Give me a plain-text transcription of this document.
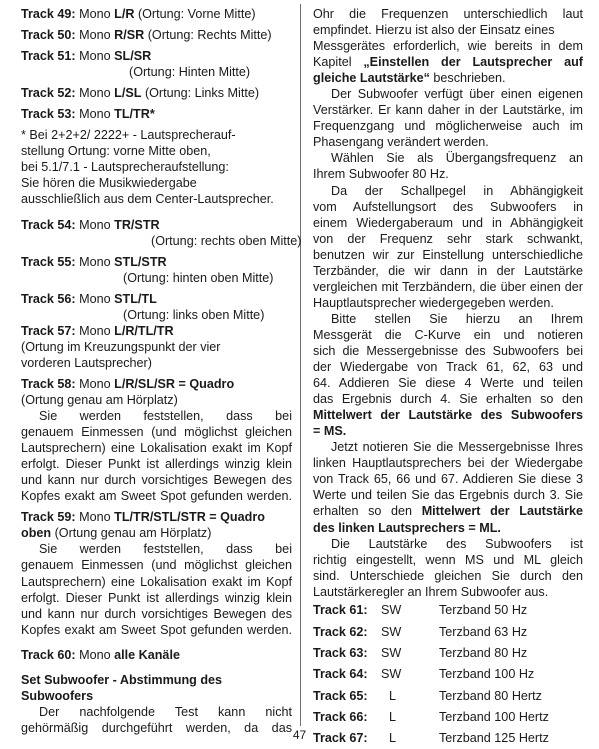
Track 49: Mono L/R (Ortung: Vorne Mitte)
Track 50: Mono R/SR (Ortung: Rechts Mitte)
Track 51: Mono SL/SR
(Ortung: Hinten Mitte)
Track 52: Mono L/SL (Ortung: Links Mitte)
Track 53: Mono TL/TR*
* Bei 2+2+2/ 2222+ - Lautsprecherauf-
stellung Ortung: vorne Mitte oben,
bei 5.1/7.1 - Lautsprecheraufstellung:
Sie hören die Musikwiedergabe
ausschließlich aus dem Center-Lautsprecher.
Track 54: Mono TR/STR
(Ortung: rechts oben Mitte)
Track 55: Mono STL/STR
(Ortung: hinten oben Mitte)
Track 56: Mono STL/TL
(Ortung: links oben Mitte)
Track 57: Mono L/R/TL/TR
(Ortung im Kreuzungspunkt der vier
vorderen Lautsprecher)
Track 58: Mono L/R/SL/SR = Quadro
(Ortung genau am Hörplatz)
Sie werden feststellen, dass bei
genauem Einmessen (und möglichst gleichen
Lautsprechern) eine Lokalisation exakt im Kopf
erfolgt. Dieser Punkt ist allerdings winzig klein
und kann nur durch vorsichtiges Bewegen des
Kopfes exakt am Sweet Spot gefunden werden.
Track 59: Mono TL/TR/STL/STR = Quadro
oben (Ortung genau am Hörplatz)
Sie werden feststellen, dass bei
genauem Einmessen (und möglichst gleichen
Lautsprechern) eine Lokalisation exakt im Kopf
erfolgt. Dieser Punkt ist allerdings winzig klein
und kann nur durch vorsichtiges Bewegen des
Kopfes exakt am Sweet Spot gefunden werden.
Track 60: Mono alle Kanäle
Set Subwoofer - Abstimmung des
Subwoofers
Der nachfolgende Test kann nicht
gehörmäßig durchgeführt werden, da das
Ohr die Frequenzen unterschiedlich laut
empfindet. Hierzu ist also der Einsatz eines
Messgerätes erforderlich, wie bereits in dem
Kapitel „Einstellen der Lautsprecher auf
gleiche Lautstärke“ beschrieben.
Der Subwoofer verfügt über einen eigenen
Verstärker. Er kann daher in der Lautstärke, im
Frequenzgang und möglicherweise auch im
Phasengang verändert werden.
Wählen Sie als Übergangsfrequenz an
Ihrem Subwoofer 80 Hz.
Da der Schallpegel in Abhängigkeit
vom Aufstellungsort des Subwoofers in
einem Wiedergaberaum und in Abhängigkeit
von der Frequenz sehr stark schwankt,
benutzen wir zur Einstellung unterschiedliche
Terzbänder, die wir dann in der Lautstärke
vergleichen mit Terzbändern, die über einen der
Hauptlautsprecher wiedergegeben werden.
Bitte stellen Sie hierzu an Ihrem
Messgerät die C-Kurve ein und notieren
sich die Messergebnisse des Subwoofers bei
der Wiedergabe von Track 61, 62, 63 und
64. Addieren Sie diese 4 Werte und teilen
das Ergebnis durch 4. Sie erhalten so den
Mittelwert der Lautstärke des Subwoofers
= MS.
Jetzt notieren Sie die Messergebnisse Ihres
linken Hauptlautsprechers bei der Wiedergabe
von Track 65, 66 und 67. Addieren Sie diese 3
Werte und teilen Sie das Ergebnis durch 3. Sie
erhalten so den Mittelwert der Lautstärke
des linken Lautsprechers = ML.
Die Lautstärke des Subwoofers ist
richtig eingestellt, wenn MS und ML gleich
sind. Unterschiede gleichen Sie durch den
Lautstärkeregler an Ihrem Subwoofer aus.
Track 61:	SW	Terzband 50 Hz
Track 62:	SW	Terzband 63 Hz
Track 63:	SW	Terzband 80 Hz
Track 64:	SW	Terzband 100 Hz
Track 65:	L	Terzband 80 Hertz
Track 66:	L	Terzband 100 Hertz
Track 67:	L	Terzband 125 Hertz
47
